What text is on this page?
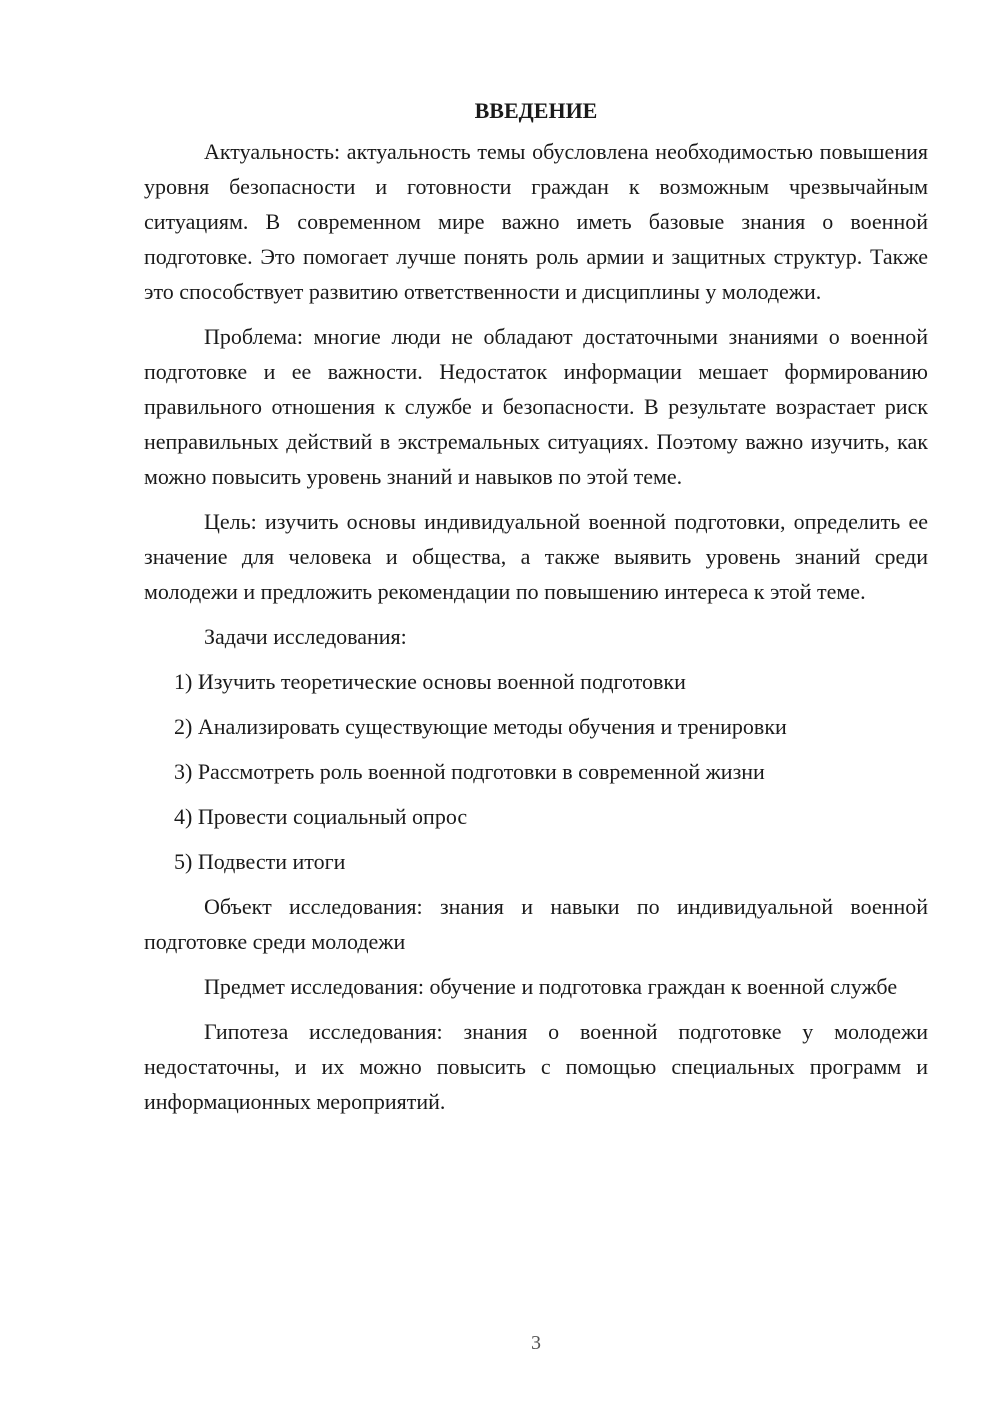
ВВЕДЕНИЕ

Актуальность: актуальность темы обусловлена необходимостью повышения уровня безопасности и готовности граждан к возможным чрезвычайным ситуациям. В современном мире важно иметь базовые знания о военной подготовке. Это помогает лучше понять роль армии и защитных структур. Также это способствует развитию ответственности и дисциплины у молодежи.

Проблема: многие люди не обладают достаточными знаниями о военной подготовке и ее важности. Недостаток информации мешает формированию правильного отношения к службе и безопасности. В результате возрастает риск неправильных действий в экстремальных ситуациях. Поэтому важно изучить, как можно повысить уровень знаний и навыков по этой теме.

Цель: изучить основы индивидуальной военной подготовки, определить ее значение для человека и общества, а также выявить уровень знаний среди молодежи и предложить рекомендации по повышению интереса к этой теме.

Задачи исследования:

1) Изучить теоретические основы военной подготовки
2) Анализировать существующие методы обучения и тренировки
3) Рассмотреть роль военной подготовки в современной жизни
4) Провести социальный опрос
5) Подвести итоги

Объект исследования: знания и навыки по индивидуальной военной подготовке среди молодежи

Предмет исследования: обучение и подготовка граждан к военной службе

Гипотеза исследования: знания о военной подготовке у молодежи недостаточны, и их можно повысить с помощью специальных программ и информационных мероприятий.

3
